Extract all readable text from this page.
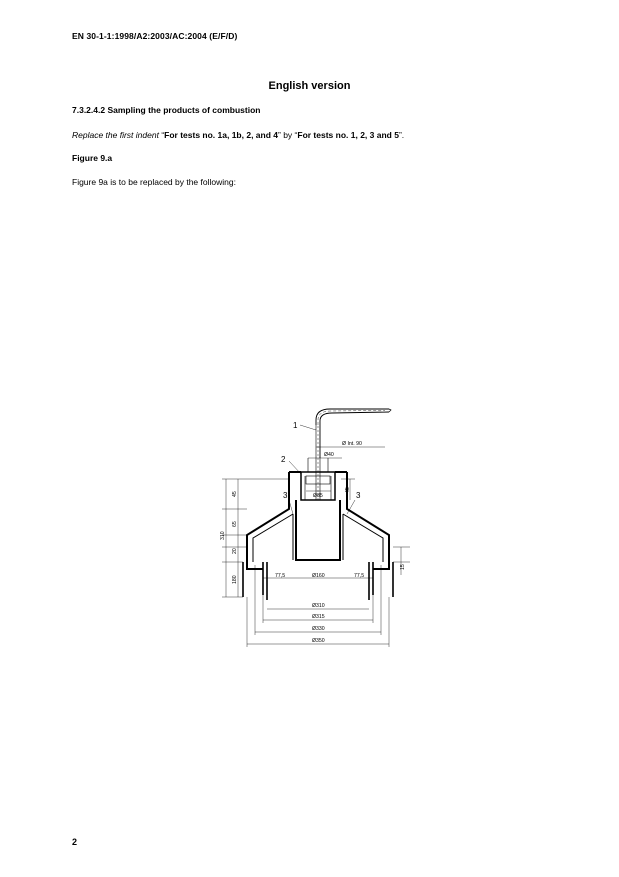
EN 30-1-1:1998/A2:2003/AC:2004 (E/F/D)
English version
7.3.2.4.2 Sampling the products of combustion
Replace the first indent “For tests no. 1a, 1b, 2, and 4” by “For tests no. 1, 2, 3 and 5”.
Figure 9.a
Figure 9a is to be replaced by the following:
1
2
3	3
Ø Int. 90
Ø40
Ø85
45
45
65
20
310
180
15
77,5	Ø160	77,5
Ø310
Ø315
Ø330
Ø350
2
